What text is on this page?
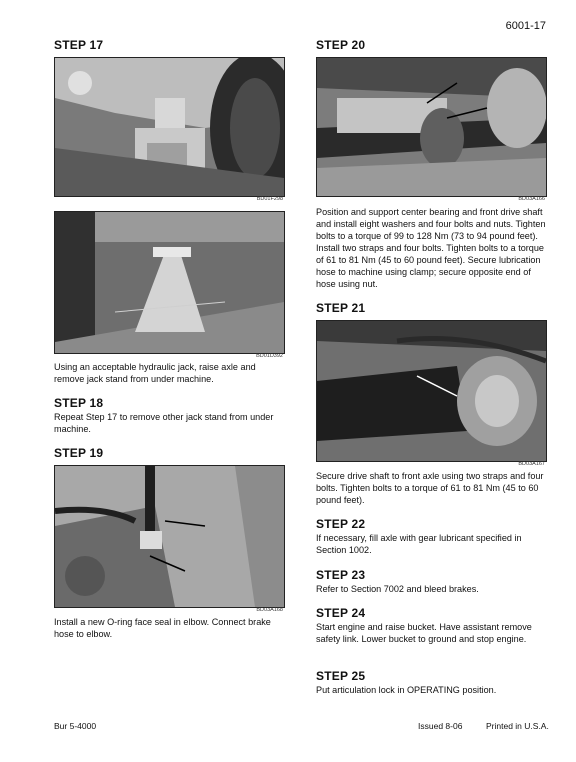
6001-17
STEP 17
BD01F298
BD01D392
Using an acceptable hydraulic jack, raise axle and remove jack stand from under machine.
STEP 18
Repeat Step 17 to remove other jack stand from under machine.
STEP 19
BD03A168
Install a new O-ring face seal in elbow. Connect brake hose to elbow.
STEP 20
BD03A166
Position and support center bearing and front drive shaft and install eight washers and four bolts and nuts. Tighten bolts to a torque of 99 to 128 Nm (73 to 94 pound feet). Install two straps and four bolts. Tighten bolts to a torque of 61 to 81 Nm (45 to 60 pound feet). Secure lubrication hose to machine using clamp; secure opposite end of hose using nut.
STEP 21
BD03A167
Secure drive shaft to front axle using two straps and four bolts. Tighten bolts to a torque of 61 to 81 Nm (45 to 60 pound feet).
STEP 22
If necessary, fill axle with gear lubricant specified in Section 1002.
STEP 23
Refer to Section 7002 and bleed brakes.
STEP 24
Start engine and raise bucket. Have assistant remove safety link. Lower bucket to ground and stop engine.
STEP 25
Put articulation lock in OPERATING position.
Bur 5-4000	Issued 8-06	Printed in U.S.A.
